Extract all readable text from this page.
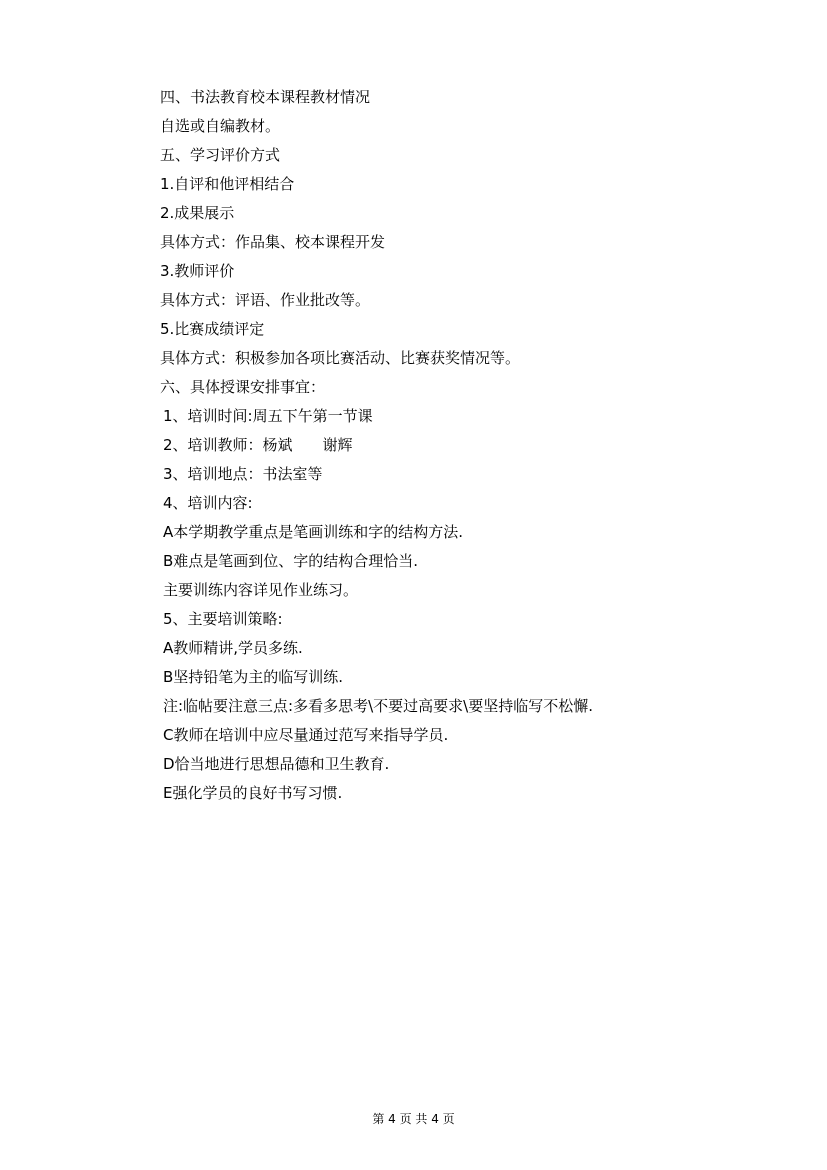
四、书法教育校本课程教材情况
自选或自编教材。
五、学习评价方式
1.自评和他评相结合
2.成果展示
具体方式：作品集、校本课程开发
3.教师评价
具体方式：评语、作业批改等。
5.比赛成绩评定
具体方式：积极参加各项比赛活动、比赛获奖情况等。
六、具体授课安排事宜：
1、培训时间:周五下午第一节课
2、培训教师：杨斌　　谢辉
3、培训地点：书法室等
4、培训内容:
A本学期教学重点是笔画训练和字的结构方法.
B难点是笔画到位、字的结构合理恰当.
主要训练内容详见作业练习。
5、主要培训策略:
A教师精讲,学员多练.
B坚持铅笔为主的临写训练.
注:临帖要注意三点:多看多思考\不要过高要求\要坚持临写不松懈.
C教师在培训中应尽量通过范写来指导学员.
D恰当地进行思想品德和卫生教育.
E强化学员的良好书写习惯.
第 4 页 共 4 页
